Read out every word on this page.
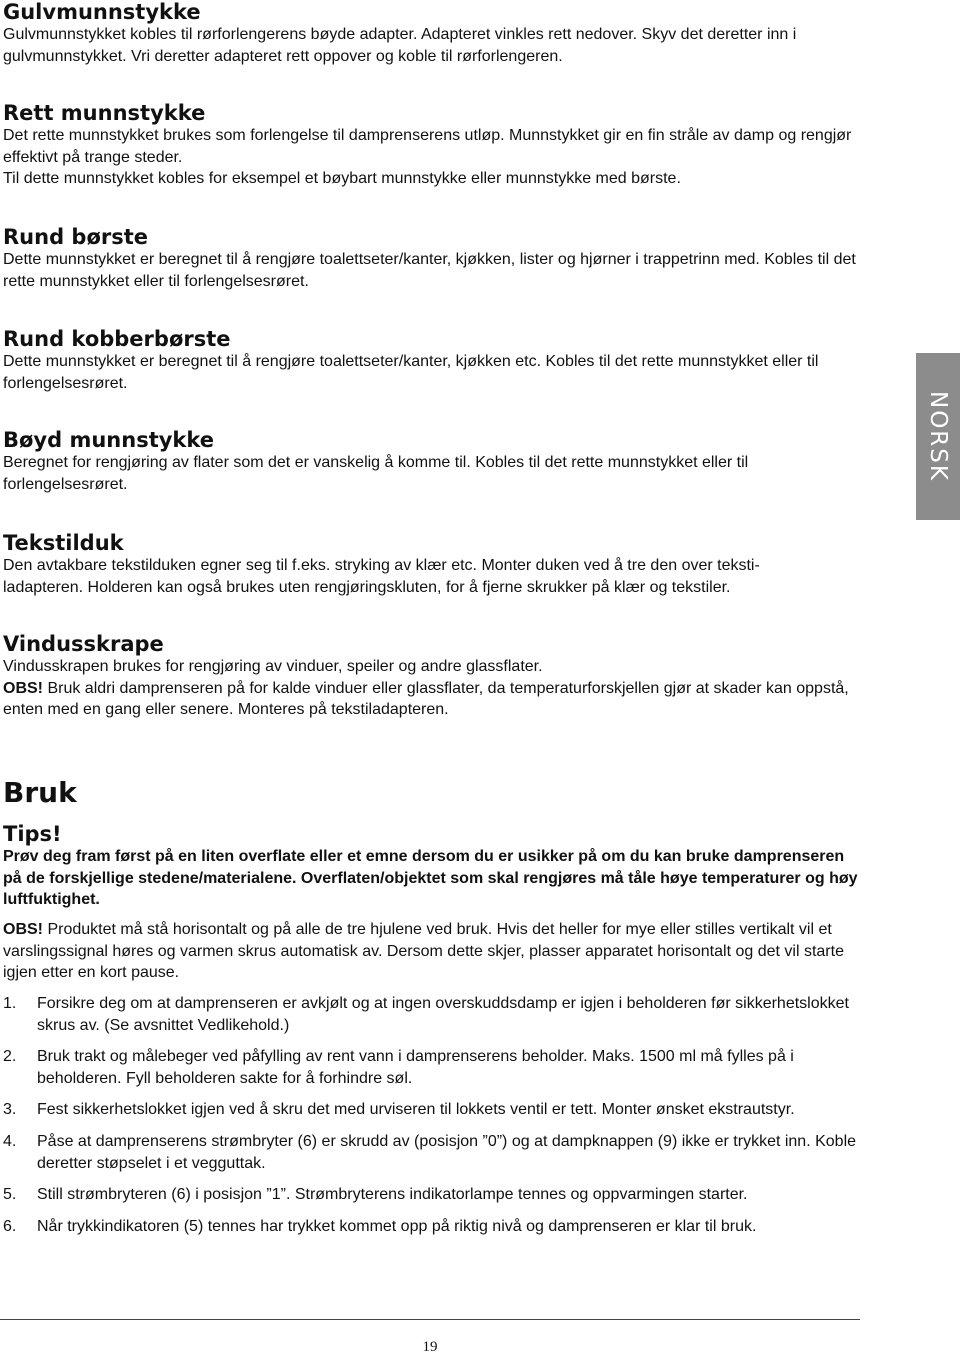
Gulvmunnstykke

Gulvmunnstykket kobles til rørforlengerens bøyde adapter. Adapteret vinkles rett nedover. Skyv det deretter inn i gulvmunnstykket. Vri deretter adapteret rett oppover og koble til rørforlengeren.

Rett munnstykke

Det rette munnstykket brukes som forlengelse til damprenserens utløp. Munnstykket gir en fin stråle av damp og rengjør effektivt på trange steder.

Til dette munnstykket kobles for eksempel et bøybart munnstykke eller munnstykke med børste.

Rund børste

Dette munnstykket er beregnet til å rengjøre toalettseter/kanter, kjøkken, lister og hjørner i trappetrinn med. Kobles til det rette munnstykket eller til forlengelsesrøret.

Rund kobberbørste

Dette munnstykket er beregnet til å rengjøre toalettseter/kanter, kjøkken etc. Kobles til det rette munnstykket eller til forlengelsesrøret.

Bøyd munnstykke

Beregnet for rengjøring av flater som det er vanskelig å komme til. Kobles til det rette munnstykket eller til forlengelsesrøret.

Tekstilduk

Den avtakbare tekstilduken egner seg til f.eks. stryking av klær etc. Monter duken ved å tre den over teksti-

ladapteren. Holderen kan også brukes uten rengjøringskluten, for å fjerne skrukker på klær og tekstiler.

Vindusskrape

Vindusskrapen brukes for rengjøring av vinduer, speiler og andre glassflater.

OBS! Bruk aldri damprenseren på for kalde vinduer eller glassflater, da temperaturforskjellen gjør at skader kan oppstå, enten med en gang eller senere. Monteres på tekstiladapteren.

Bruk
Tips!

Prøv deg fram først på en liten overflate eller et emne dersom du er usikker på om du kan bruke damprenseren på de forskjellige stedene/materialene. Overflaten/objektet som skal rengjøres må tåle høye temperaturer og høy luftfuktighet.

OBS! Produktet må stå horisontalt og på alle de tre hjulene ved bruk. Hvis det heller for mye eller stilles vertikalt vil et varslingssignal høres og varmen skrus automatisk av. Dersom dette skjer, plasser apparatet horisontalt og det vil starte igjen etter en kort pause.

1.	Forsikre deg om at damprenseren er avkjølt og at ingen overskuddsdamp er igjen i beholderen før sikkerhetslokket skrus av. (Se avsnittet Vedlikehold.)
2.	Bruk trakt og målebeger ved påfylling av rent vann i damprenserens beholder. Maks. 1500 ml må fylles på i beholderen. Fyll beholderen sakte for å forhindre søl.
3.	Fest sikkerhetslokket igjen ved å skru det med urviseren til lokkets ventil er tett. Monter ønsket ekstrautstyr.
4.	Påse at damprenserens strømbryter (6) er skrudd av (posisjon ”0”) og at dampknappen (9) ikke er trykket inn. Koble deretter støpselet i et vegguttak.
5.	Still strømbryteren (6) i posisjon ”1”. Strømbryterens indikatorlampe tennes og oppvarmingen starter.
6.	Når trykkindikatoren (5) tennes har trykket kommet opp på riktig nivå og damprenseren er klar til bruk.
NORSK
19
